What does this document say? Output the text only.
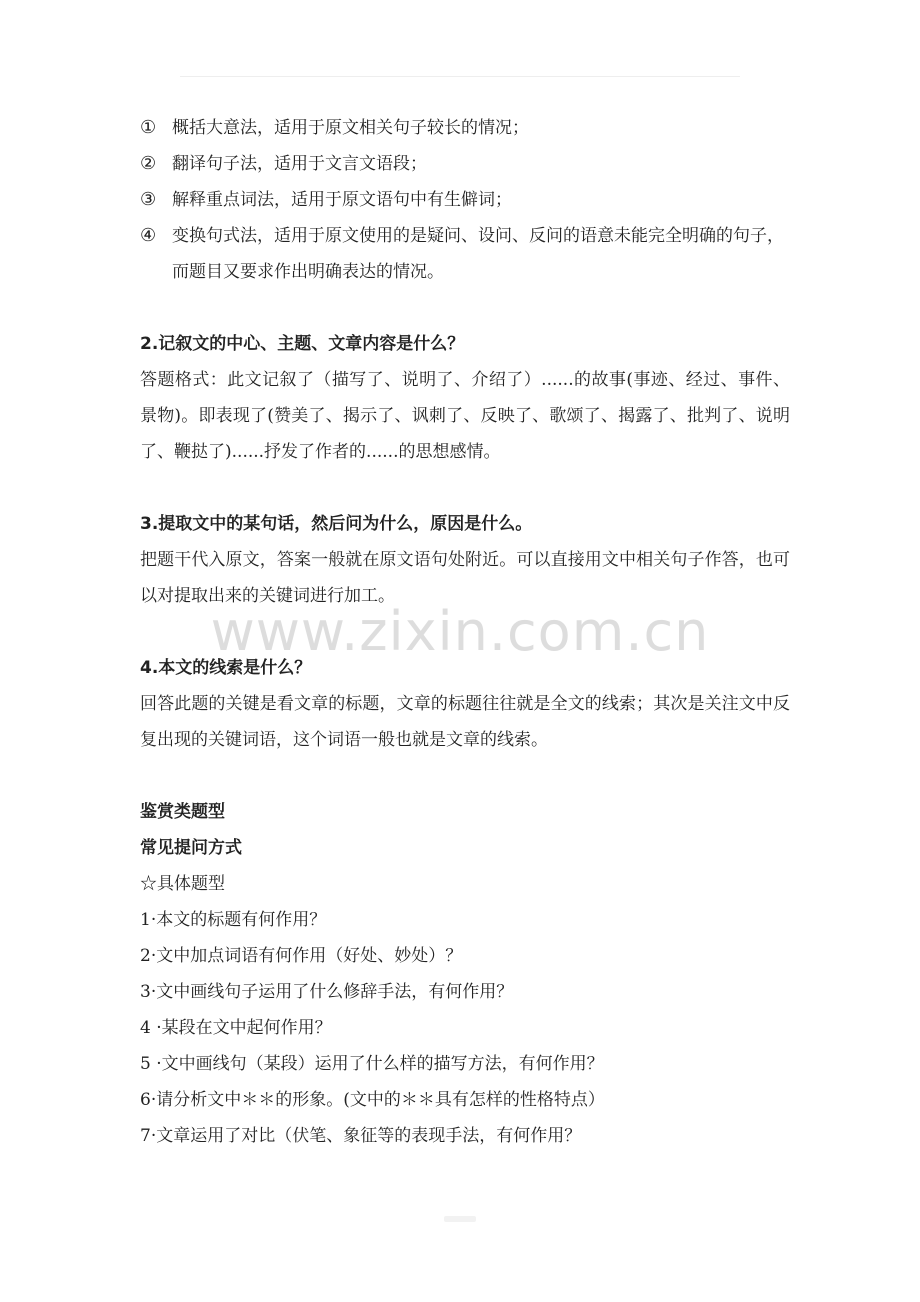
① 概括大意法，适用于原文相关句子较长的情况；
② 翻译句子法，适用于文言文语段；
③ 解释重点词法，适用于原文语句中有生僻词；
④ 变换句式法，适用于原文使用的是疑问、设问、反问的语意未能完全明确的句子，而题目又要求作出明确表达的情况。
2.记叙文的中心、主题、文章内容是什么？
答题格式：此文记叙了（描写了、说明了、介绍了）......的故事(事迹、经过、事件、景物)。即表现了(赞美了、揭示了、讽刺了、反映了、歌颂了、揭露了、批判了、说明了、鞭挞了)......抒发了作者的......的思想感情。
3.提取文中的某句话，然后问为什么，原因是什么。
把题干代入原文，答案一般就在原文语句处附近。可以直接用文中相关句子作答，也可以对提取出来的关键词进行加工。
4.本文的线索是什么？
回答此题的关键是看文章的标题，文章的标题往往就是全文的线索；其次是关注文中反复出现的关键词语，这个词语一般也就是文章的线索。
鉴赏类题型
常见提问方式
☆具体题型
1·本文的标题有何作用？
2·文中加点词语有何作用（好处、妙处）？
3·文中画线句子运用了什么修辞手法，有何作用？
4 ·某段在文中起何作用？
5 ·文中画线句（某段）运用了什么样的描写方法，有何作用？
6·请分析文中＊＊的形象。(文中的＊＊具有怎样的性格特点）
7·文章运用了对比（伏笔、象征等的表现手法，有何作用？
www.zixin.com.cn
